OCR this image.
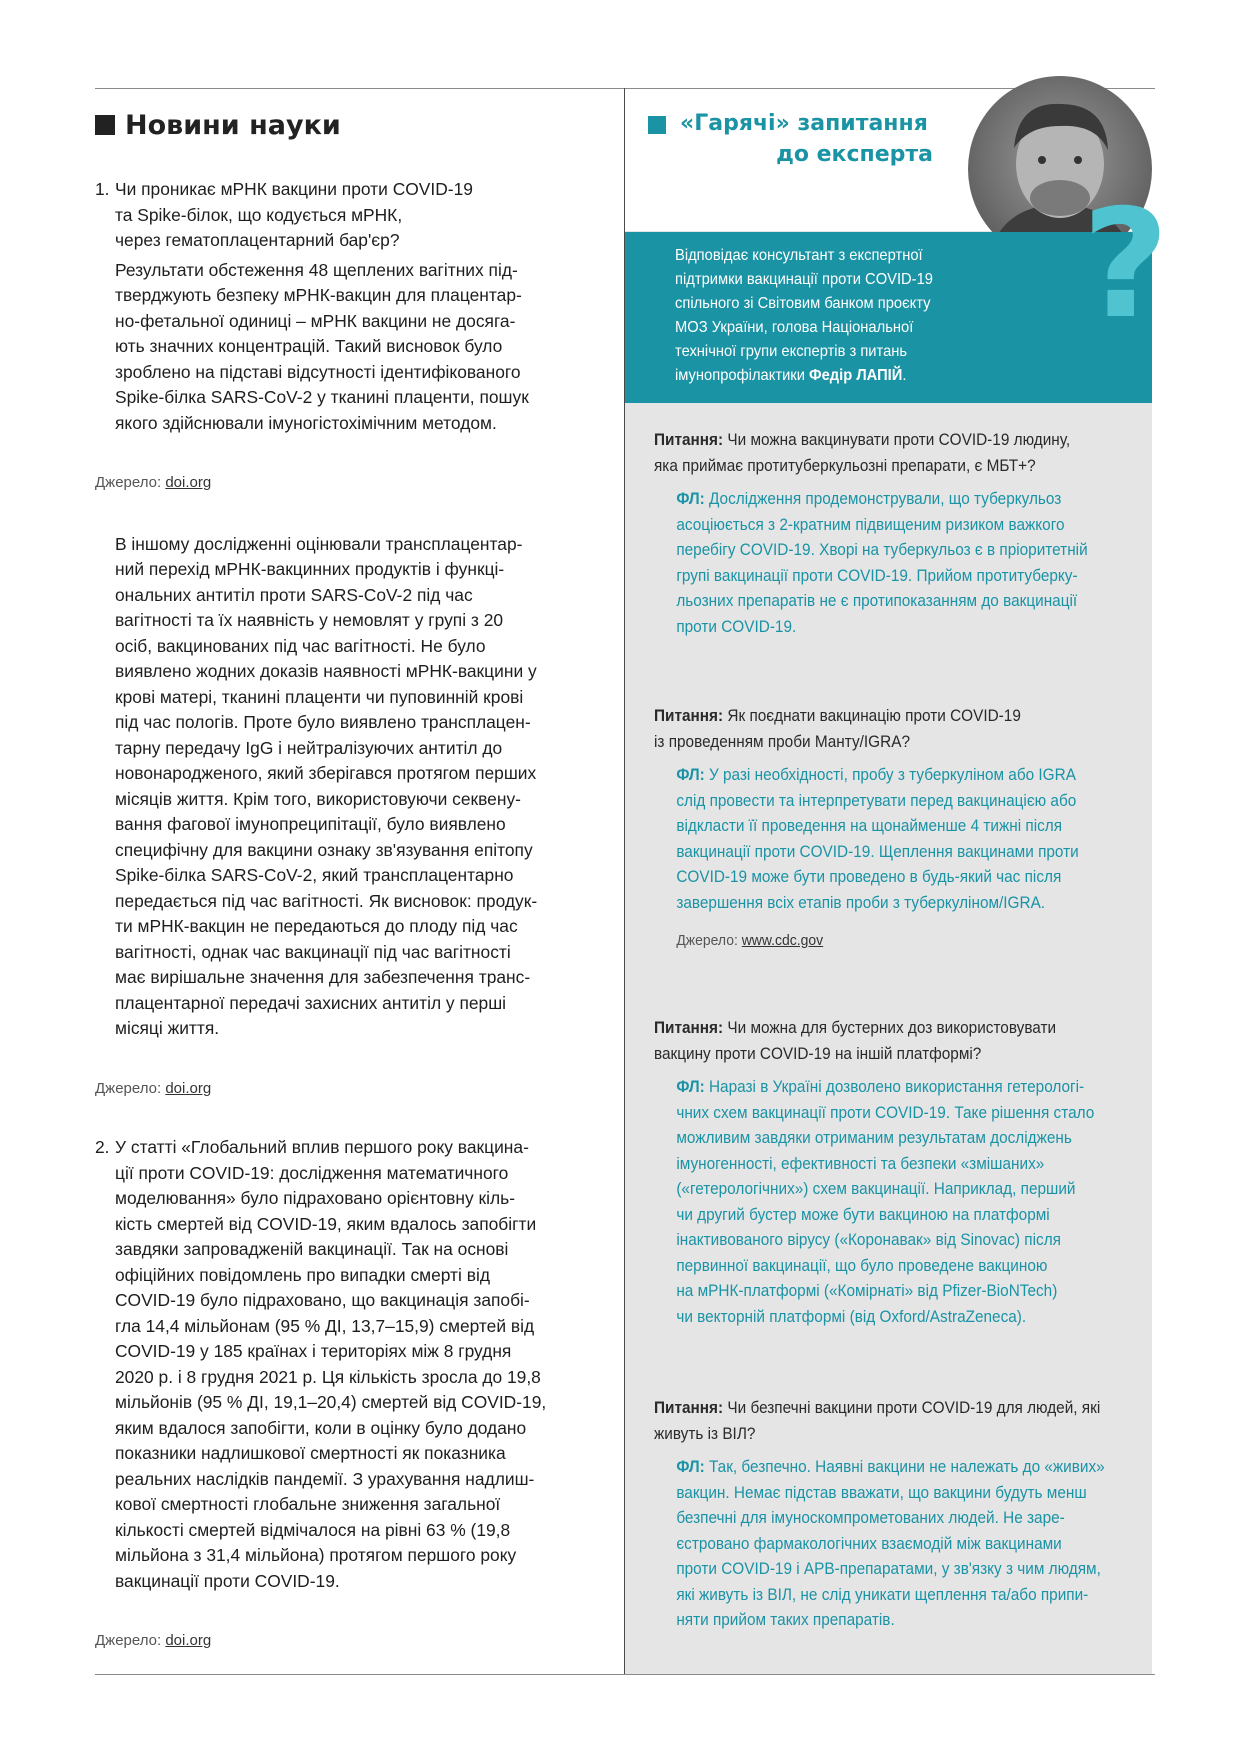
Новини науки
1. Чи проникає мРНК вакцини проти COVID-19
та Spike-білок, що кодується мРНК,
через гематоплацентарний бар'єр?
Результати обстеження 48 щеплених вагітних під-
тверджують безпеку мРНК-вакцин для плацентар-
но-фетальної одиниці – мРНК вакцини не досяга-
ють значних концентрацій. Такий висновок було
зроблено на підставі відсутності ідентифікованого
Spike-білка SARS-CoV-2 у тканині плаценти, пошук
якого здійснювали імуногістохімічним методом.
Джерело: doi.org
В іншому дослідженні оцінювали трансплацентар-
ний перехід мРНК-вакцинних продуктів і функці-
ональних антитіл проти SARS-CoV-2 під час
вагітності та їх наявність у немовлят у групі з 20
осіб, вакцинованих під час вагітності. Не було
виявлено жодних доказів наявності мРНК-вакцини у
крові матері, тканині плаценти чи пуповинній крові
під час пологів. Проте було виявлено трансплацен-
тарну передачу IgG і нейтралізуючих антитіл до
новонародженого, який зберігався протягом перших
місяців життя. Крім того, використовуючи секвену-
вання фагової імунопреципітації, було виявлено
специфічну для вакцини ознаку зв'язування епітопу
Spike-білка SARS-CoV-2, який трансплацентарно
передається під час вагітності. Як висновок: продук-
ти мРНК-вакцин не передаються до плоду під час
вагітності, однак час вакцинації під час вагітності
має вирішальне значення для забезпечення транс-
плацентарної передачі захисних антитіл у перші
місяці життя.
Джерело: doi.org
2. У статті «Глобальний вплив першого року вакцина-
ції проти COVID-19: дослідження математичного
моделювання» було підраховано орієнтовну кіль-
кість смертей від COVID-19, яким вдалось запобігти
завдяки запровадженій вакцинації. Так на основі
офіційних повідомлень про випадки смерті від
COVID-19 було підраховано, що вакцинація запобі-
гла 14,4 мільйонам (95 % ДІ, 13,7–15,9) смертей від
COVID-19 у 185 країнах і територіях між 8 грудня
2020 р. і 8 грудня 2021 р. Ця кількість зросла до 19,8
мільйонів (95 % ДІ, 19,1–20,4) смертей від COVID-19,
яким вдалося запобігти, коли в оцінку було додано
показники надлишкової смертності як показника
реальних наслідків пандемії. З урахування надлиш-
кової смертності глобальне зниження загальної
кількості смертей відмічалося на рівні 63 % (19,8
мільйона з 31,4 мільйона) протягом першого року
вакцинації проти COVID-19.
Джерело: doi.org
«Гарячі» запитання
до експерта
?
Відповідає консультант з експертної
підтримки вакцинації проти COVID-19
спільного зі Світовим банком проєкту
МОЗ України, голова Національної
технічної групи експертів з питань
імунопрофілактики Федір ЛАПІЙ.
Питання: Чи можна вакцинувати проти COVID-19 людину,
яка приймає протитуберкульозні препарати, є МБТ+?
ФЛ: Дослідження продемонстрували, що туберкульоз
асоціюється з 2-кратним підвищеним ризиком важкого
перебігу COVID-19. Хворі на туберкульоз є в пріоритетній
групі вакцинації проти COVID-19. Прийом протитуберку-
льозних препаратів не є протипоказанням до вакцинації
проти COVID-19.
Питання: Як поєднати вакцинацію проти COVID-19
із проведенням проби Манту/IGRA?
ФЛ: У разі необхідності, пробу з туберкуліном або IGRA
слід провести та інтерпретувати перед вакцинацією або
відкласти її проведення на щонайменше 4 тижні після
вакцинації проти COVID-19. Щеплення вакцинами проти
COVID-19 може бути проведено в будь-який час після
завершення всіх етапів проби з туберкуліном/IGRA.
Джерело: www.cdc.gov
Питання: Чи можна для бустерних доз використовувати
вакцину проти COVID-19 на іншій платформі?
ФЛ: Наразі в Україні дозволено використання гетерологі-
чних схем вакцинації проти COVID-19. Таке рішення стало
можливим завдяки отриманим результатам досліджень
імуногенності, ефективності та безпеки «змішаних»
(«гетерологічних») схем вакцинації. Наприклад, перший
чи другий бустер може бути вакциною на платформі
інактивованого вірусу («Коронавак» від Sinovac) після
первинної вакцинації, що було проведене вакциною
на мРНК-платформі («Комірнаті» від Pfizer-BioNTech)
чи векторній платформі (від Oxford/AstraZeneca).
Питання: Чи безпечні вакцини проти COVID-19 для людей, які
живуть із ВІЛ?
ФЛ: Так, безпечно. Наявні вакцини не належать до «живих»
вакцин. Немає підстав вважати, що вакцини будуть менш
безпечні для імуноскомпрометованих людей. Не заре-
єстровано фармакологічних взаємодій між вакцинами
проти COVID-19 і АРВ-препаратами, у зв'язку з чим людям,
які живуть із ВІЛ, не слід уникати щеплення та/або припи-
няти прийом таких препаратів.
